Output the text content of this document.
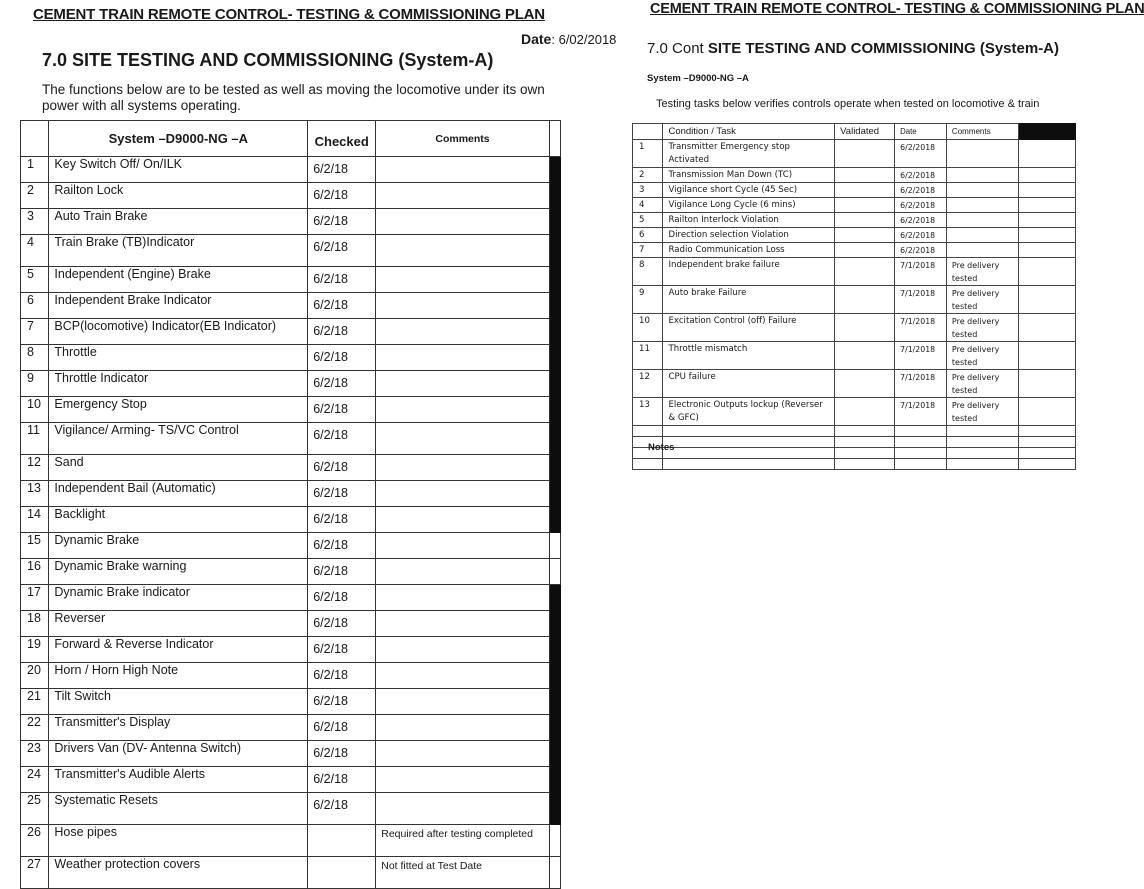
CEMENT TRAIN REMOTE CONTROL- TESTING & COMMISSIONING PLAN
Date: 6/02/2018
7.0 SITE TESTING AND COMMISSIONING (System-A)
The functions below are to be tested as well as moving the locomotive under its own power with all systems operating.
	System –D9000-NG –A	Checked	Comments	
1	Key Switch Off/ On/ILK	6/2/18		
2	Railton Lock	6/2/18		
3	Auto Train Brake	6/2/18		
4	Train Brake (TB)Indicator	6/2/18		
5	Independent (Engine) Brake	6/2/18		
6	Independent Brake Indicator	6/2/18		
7	BCP(locomotive) Indicator(EB Indicator)	6/2/18		
8	Throttle	6/2/18		
9	Throttle Indicator	6/2/18		
10	Emergency Stop	6/2/18		
11	Vigilance/ Arming- TS/VC Control	6/2/18		
12	Sand	6/2/18		
13	Independent Bail (Automatic)	6/2/18		
14	Backlight	6/2/18		
15	Dynamic Brake	6/2/18		
16	Dynamic Brake warning	6/2/18		
17	Dynamic Brake indicator	6/2/18		
18	Reverser	6/2/18		
19	Forward & Reverse Indicator	6/2/18		
20	Horn / Horn High Note	6/2/18		
21	Tilt Switch	6/2/18		
22	Transmitter's Display	6/2/18		
23	Drivers Van (DV- Antenna Switch)	6/2/18		
24	Transmitter's Audible Alerts	6/2/18		
25	Systematic Resets	6/2/18		
26	Hose pipes		Required after testing completed	
27	Weather protection covers		Not fitted at Test Date	
CEMENT TRAIN REMOTE CONTROL- TESTING & COMMISSIONING PLAN
7.0 Cont SITE TESTING AND COMMISSIONING (System-A)
System –D9000-NG –A
Testing tasks below verifies controls operate when tested on locomotive & train
	Condition / Task	Validated	Date	Comments	
1	Transmitter Emergency stop Activated		6/2/2018		
2	Transmission Man Down (TC)		6/2/2018		
3	Vigilance short Cycle (45 Sec)		6/2/2018		
4	Vigilance Long Cycle (6 mins)		6/2/2018		
5	Railton Interlock Violation		6/2/2018		
6	Direction selection Violation		6/2/2018		
7	Radio Communication Loss		6/2/2018		
8	Independent brake failure		7/1/2018	Pre delivery tested	
9	Auto brake Failure		7/1/2018	Pre delivery tested	
10	Excitation Control (off) Failure		7/1/2018	Pre delivery tested	
11	Throttle mismatch		7/1/2018	Pre delivery tested	
12	CPU failure		7/1/2018	Pre delivery tested	
13	Electronic Outputs lockup (Reverser & GFC)		7/1/2018	Pre delivery tested	

Notes
